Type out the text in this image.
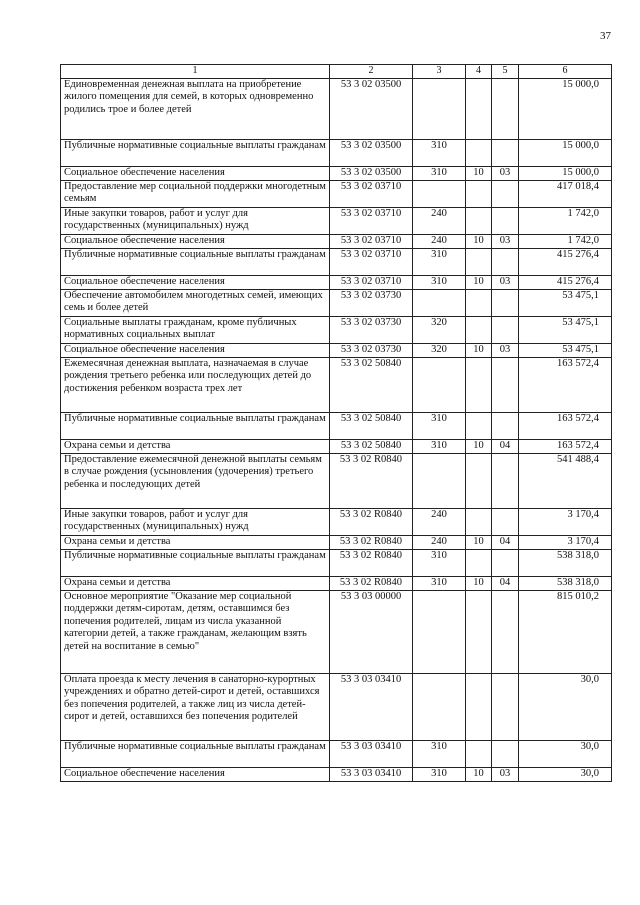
37
1	2	3	4	5	6
Единовременная денежная выплата на приобретение жилого помещения для семей, в которых одновременно родились трое и более детей	53 3 02 03500				15 000,0
Публичные нормативные социальные выплаты гражданам	53 3 02 03500	310			15 000,0
Социальное обеспечение населения	53 3 02 03500	310	10	03	15 000,0
Предоставление мер социальной поддержки многодетным семьям	53 3 02 03710				417 018,4
Иные закупки товаров, работ и услуг для государственных (муниципальных) нужд	53 3 02 03710	240			1 742,0
Социальное обеспечение населения	53 3 02 03710	240	10	03	1 742,0
Публичные нормативные социальные выплаты гражданам	53 3 02 03710	310			415 276,4
Социальное обеспечение населения	53 3 02 03710	310	10	03	415 276,4
Обеспечение автомобилем многодетных семей, имеющих семь и более детей	53 3 02 03730				53 475,1
Социальные выплаты гражданам, кроме публичных нормативных социальных выплат	53 3 02 03730	320			53 475,1
Социальное обеспечение населения	53 3 02 03730	320	10	03	53 475,1
Ежемесячная денежная выплата, назначаемая в случае рождения третьего ребенка или последующих детей до достижения ребенком возраста трех лет	53 3 02 50840				163 572,4
Публичные нормативные социальные выплаты гражданам	53 3 02 50840	310			163 572,4
Охрана семьи и детства	53 3 02 50840	310	10	04	163 572,4
Предоставление ежемесячной денежной выплаты семьям в случае рождения (усыновления (удочерения) третьего ребенка и последующих детей	53 3 02 R0840				541 488,4
Иные закупки товаров, работ и услуг для государственных (муниципальных) нужд	53 3 02 R0840	240			3 170,4
Охрана семьи и детства	53 3 02 R0840	240	10	04	3 170,4
Публичные нормативные социальные выплаты гражданам	53 3 02 R0840	310			538 318,0
Охрана семьи и детства	53 3 02 R0840	310	10	04	538 318,0
Основное мероприятие "Оказание мер социальной поддержки детям-сиротам, детям, оставшимся без попечения родителей, лицам из числа указанной категории детей, а также гражданам, желающим взять детей на воспитание в семью"	53 3 03 00000				815 010,2
Оплата проезда к месту лечения в санаторно-курортных учреждениях и обратно детей-сирот и детей, оставшихся без попечения родителей, а также лиц из числа детей-сирот и детей, оставшихся без попечения родителей	53 3 03 03410				30,0
Публичные нормативные социальные выплаты гражданам	53 3 03 03410	310			30,0
Социальное обеспечение населения	53 3 03 03410	310	10	03	30,0
